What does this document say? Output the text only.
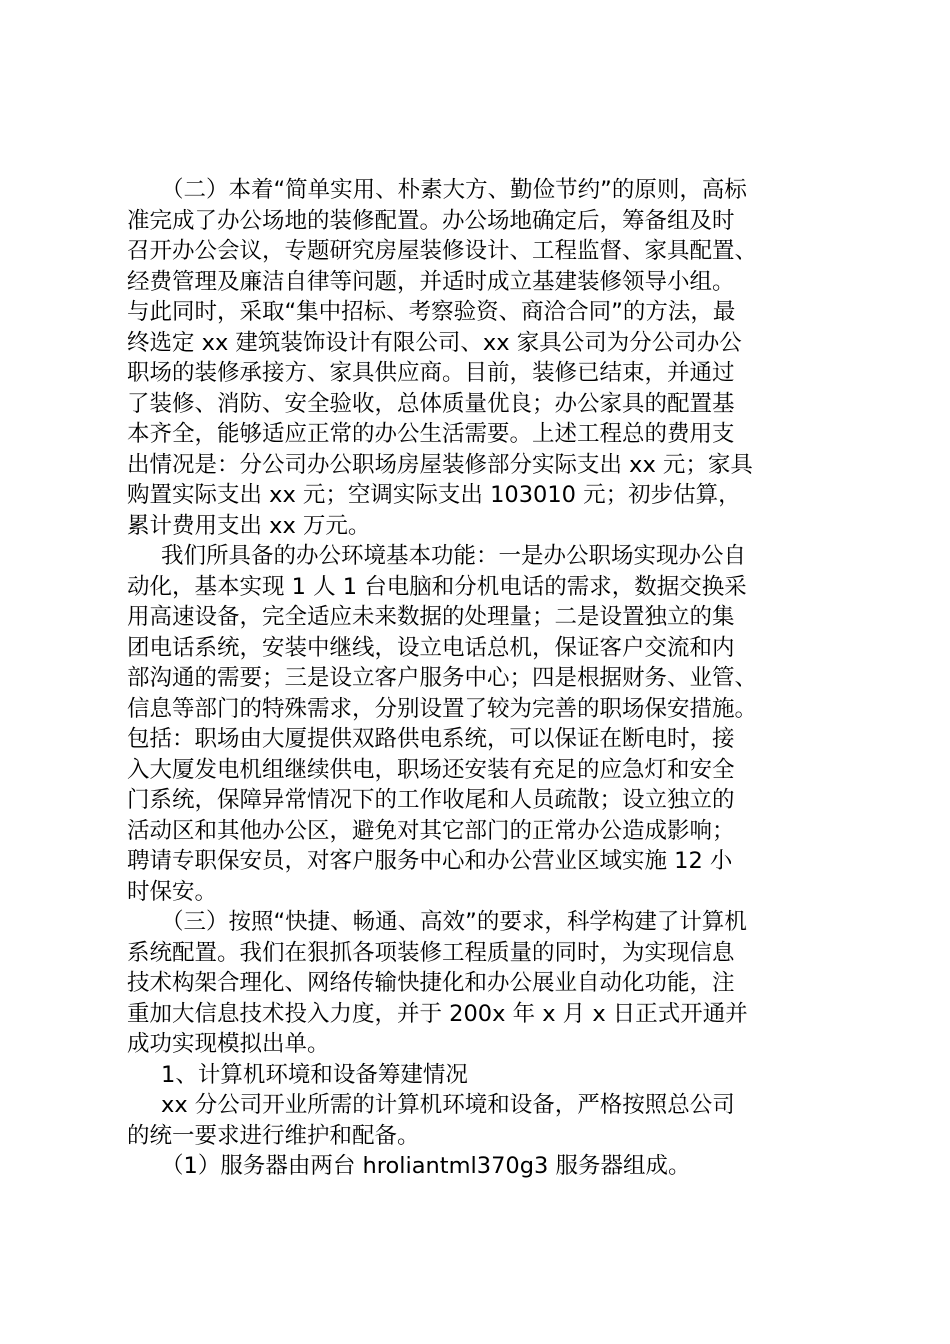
（二）本着“简单实用、朴素大方、勤俭节约”的原则，高标
准完成了办公场地的装修配置。办公场地确定后，筹备组及时
召开办公会议，专题研究房屋装修设计、工程监督、家具配置、
经费管理及廉洁自律等问题，并适时成立基建装修领导小组。
与此同时，采取“集中招标、考察验资、商洽合同”的方法，最
终选定 xx 建筑装饰设计有限公司、xx 家具公司为分公司办公
职场的装修承接方、家具供应商。目前，装修已结束，并通过
了装修、消防、安全验收，总体质量优良；办公家具的配置基
本齐全，能够适应正常的办公生活需要。上述工程总的费用支
出情况是：分公司办公职场房屋装修部分实际支出 xx 元；家具
购置实际支出 xx 元；空调实际支出 103010 元；初步估算，
累计费用支出 xx 万元。
我们所具备的办公环境基本功能：一是办公职场实现办公自
动化，基本实现 1 人 1 台电脑和分机电话的需求，数据交换采
用高速设备，完全适应未来数据的处理量；二是设置独立的集
团电话系统，安装中继线，设立电话总机，保证客户交流和内
部沟通的需要；三是设立客户服务中心；四是根据财务、业管、
信息等部门的特殊需求，分别设置了较为完善的职场保安措施。
包括：职场由大厦提供双路供电系统，可以保证在断电时，接
入大厦发电机组继续供电，职场还安装有充足的应急灯和安全
门系统，保障异常情况下的工作收尾和人员疏散；设立独立的
活动区和其他办公区，避免对其它部门的正常办公造成影响；
聘请专职保安员，对客户服务中心和办公营业区域实施 12 小
时保安。
（三）按照“快捷、畅通、高效”的要求，科学构建了计算机
系统配置。我们在狠抓各项装修工程质量的同时，为实现信息
技术构架合理化、网络传输快捷化和办公展业自动化功能，注
重加大信息技术投入力度，并于 200x 年 x 月 x 日正式开通并
成功实现模拟出单。
1、计算机环境和设备筹建情况
xx 分公司开业所需的计算机环境和设备，严格按照总公司
的统一要求进行维护和配备。
（1）服务器由两台 hroliantml370g3 服务器组成。
